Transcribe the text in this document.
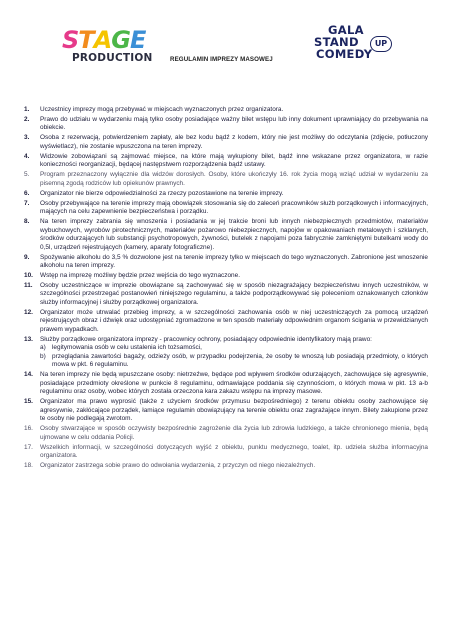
STAGE
PRODUCTION	REGULAMIN IMPREZY MASOWEJ
GALA
STAND	UP
COMEDY
1. Uczestnicy imprezy mogą przebywać w miejscach wyznaczonych przez organizatora.
2. Prawo do udziału w wydarzeniu mają tylko osoby posiadające ważny bilet wstępu lub inny dokument uprawniający do przebywania na obiekcie.
3. Osoba z rezerwacją, potwierdzeniem zapłaty, ale bez kodu bądź z kodem, który nie jest możliwy do odczytania (zdjęcie, potłuczony wyświetlacz), nie zostanie wpuszczona na teren imprezy.
4. Widzowie zobowiązani są zajmować miejsce, na które mają wykupiony bilet, bądź inne wskazane przez organizatora, w razie konieczności reorganizacji, będącej następstwem rozporządzenia bądź ustawy.
5. Program przeznaczony wyłącznie dla widzów dorosłych. Osoby, które ukończyły 16. rok życia mogą wziąć udział w wydarzeniu za pisemną zgodą rodziców lub opiekunów prawnych.
6. Organizator nie bierze odpowiedzialności za rzeczy pozostawione na terenie imprezy.
7. Osoby przebywające na terenie imprezy mają obowiązek stosowania się do zaleceń pracowników służb porządkowych i informacyjnych, mających na celu zapewnienie bezpieczeństwa i porządku.
8. Na teren imprezy zabrania się wnoszenia i posiadania w jej trakcie broni lub innych niebezpiecznych przedmiotów, materiałów wybuchowych, wyrobów pirotechnicznych, materiałów pożarowo niebezpiecznych, napojów w opakowaniach metalowych i szklanych, środków odurzających lub substancji psychotropowych, żywności, butelek z napojami poza fabrycznie zamkniętymi butelkami wody do 0,5l, urządzeń rejestrujących (kamery, aparaty fotograficzne).
9. Spożywanie alkoholu do 3,5 % dozwolone jest na terenie imprezy tylko w miejscach do tego wyznaczonych. Zabronione jest wnoszenie alkoholu na teren imprezy.
10. Wstęp na imprezę możliwy będzie przez wejścia do tego wyznaczone.
11. Osoby uczestniczące w imprezie obowiązane są zachowywać się w sposób niezagrażający bezpieczeństwu innych uczestników, w szczególności przestrzegać postanowień niniejszego regulaminu, a także podporządkowywać się poleceniom oznakowanych członków służby informacyjnej i służby porządkowej organizatora.
12. Organizator może utrwalać przebieg imprezy, a w szczególności zachowania osób w niej uczestniczących za pomocą urządzeń rejestrujących obraz i dźwięk oraz udostępniać zgromadzone w ten sposób materiały odpowiednim organom ścigania w przewidzianych prawem wypadkach.
13. Służby porządkowe organizatora imprezy - pracownicy ochrony, posiadający odpowiednie identyfikatory mają prawo:
a) legitymowania osób w celu ustalenia ich tożsamości,
b) przeglądania zawartości bagaży, odzieży osób, w przypadku podejrzenia, że osoby te wnoszą lub posiadają przedmioty, o których mowa w pkt. 6 regulaminu.
14. Na teren imprezy nie będą wpuszczane osoby: nietrzeźwe, będące pod wpływem środków odurzających, zachowujące się agresywnie, posiadające przedmioty określone w punkcie 8 regulaminu, odmawiające poddania się czynnościom, o których mowa w pkt. 13 a-b regulaminu oraz osoby, wobec których została orzeczona kara zakazu wstępu na imprezy masowe.
15. Organizator ma prawo wyprosić (także z użyciem środków przymusu bezpośredniego) z terenu obiektu osoby zachowujące się agresywnie, zakłócające porządek, łamiące regulamin obowiązujący na terenie obiektu oraz zagrażające innym. Bilety zakupione przez te osoby nie podlegają zwrotom.
16. Osoby stwarzające w sposób oczywisty bezpośrednie zagrożenie dla życia lub zdrowia ludzkiego, a także chronionego mienia, będą ujmowane w celu oddania Policji.
17. Wszelkich informacji, w szczególności dotyczących wyjść z obiektu, punktu medycznego, toalet, itp. udziela służba informacyjna organizatora.
18. Organizator zastrzega sobie prawo do odwołania wydarzenia, z przyczyn od niego niezależnych.
